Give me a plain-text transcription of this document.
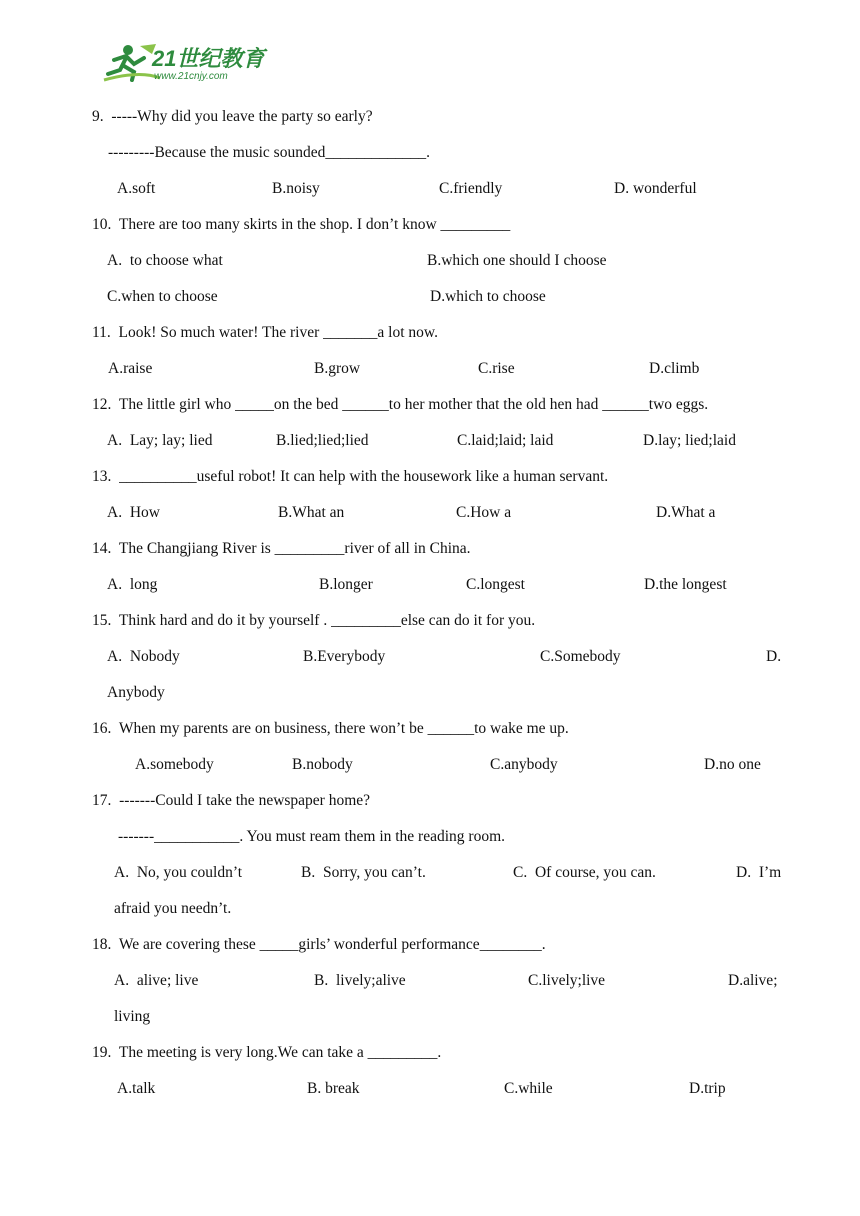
21世纪教育
www.21cnjy.com
9.  -----Why did you leave the party so early?
---------Because the music sounded_____________.
A.soft	B.noisy	C.friendly	D. wonderful
10.  There are too many skirts in the shop. I don’t know _________
A.  to choose what	B.which one should I choose
C.when to choose	D.which to choose
11.  Look! So much water! The river _______a lot now.
A.raise	B.grow	C.rise	D.climb
12.  The little girl who _____on the bed ______to her mother that the old hen had ______two eggs.
A.  Lay; lay; lied	B.lied;lied;lied	C.laid;laid; laid	D.lay; lied;laid
13.  __________useful robot! It can help with the housework like a human servant.
A.  How	B.What an	C.How a	D.What a
14.  The Changjiang River is _________river of all in China.
A.  long	B.longer	C.longest	D.the longest
15.  Think hard and do it by yourself . _________else can do it for you.
A.  Nobody	B.Everybody	C.Somebody	D.
Anybody
16.  When my parents are on business, there won’t be ______to wake me up.
A.somebody	B.nobody	C.anybody	D.no one
17.  -------Could I take the newspaper home?
-------___________. You must ream them in the reading room.
A.  No, you couldn’t	B.  Sorry, you can’t.	C.  Of course, you can.	D.  I’m
afraid you needn’t.
18.  We are covering these _____girls’ wonderful performance________.
A.  alive; live	B.  lively;alive	C.lively;live	D.alive;
living
19.  The meeting is very long.We can take a _________.
A.talk	B. break	C.while	D.trip
